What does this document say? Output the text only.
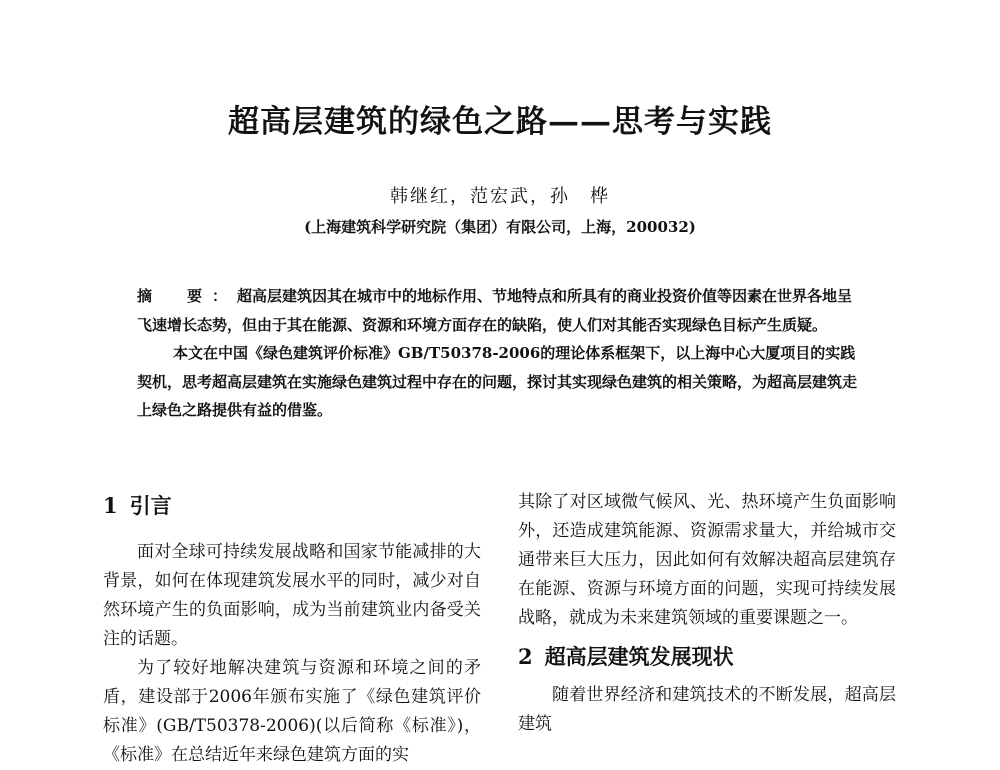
超高层建筑的绿色之路——思考与实践
韩继红，范宏武，孙　桦
(上海建筑科学研究院（集团）有限公司，上海，200032)

摘　要：超高层建筑因其在城市中的地标作用、节地特点和所具有的商业投资价值等因素在世界各地呈飞速增长态势，但由于其在能源、资源和环境方面存在的缺陷，使人们对其能否实现绿色目标产生质疑。

本文在中国《绿色建筑评价标准》GB/T50378-2006的理论体系框架下，以上海中心大厦项目的实践契机，思考超高层建筑在实施绿色建筑过程中存在的问题，探讨其实现绿色建筑的相关策略，为超高层建筑走上绿色之路提供有益的借鉴。

1 引言

面对全球可持续发展战略和国家节能减排的大背景，如何在体现建筑发展水平的同时，减少对自然环境产生的负面影响，成为当前建筑业内备受关注的话题。

为了较好地解决建筑与资源和环境之间的矛盾，建设部于2006年颁布实施了《绿色建筑评价标准》(GB/T50378-2006)(以后简称《标准》)，《标准》在总结近年来绿色建筑方面的实

其除了对区域微气候风、光、热环境产生负面影响外，还造成建筑能源、资源需求量大，并给城市交通带来巨大压力，因此如何有效解决超高层建筑存在能源、资源与环境方面的问题，实现可持续发展战略，就成为未来建筑领域的重要课题之一。

2 超高层建筑发展现状

随着世界经济和建筑技术的不断发展，超高层建筑
